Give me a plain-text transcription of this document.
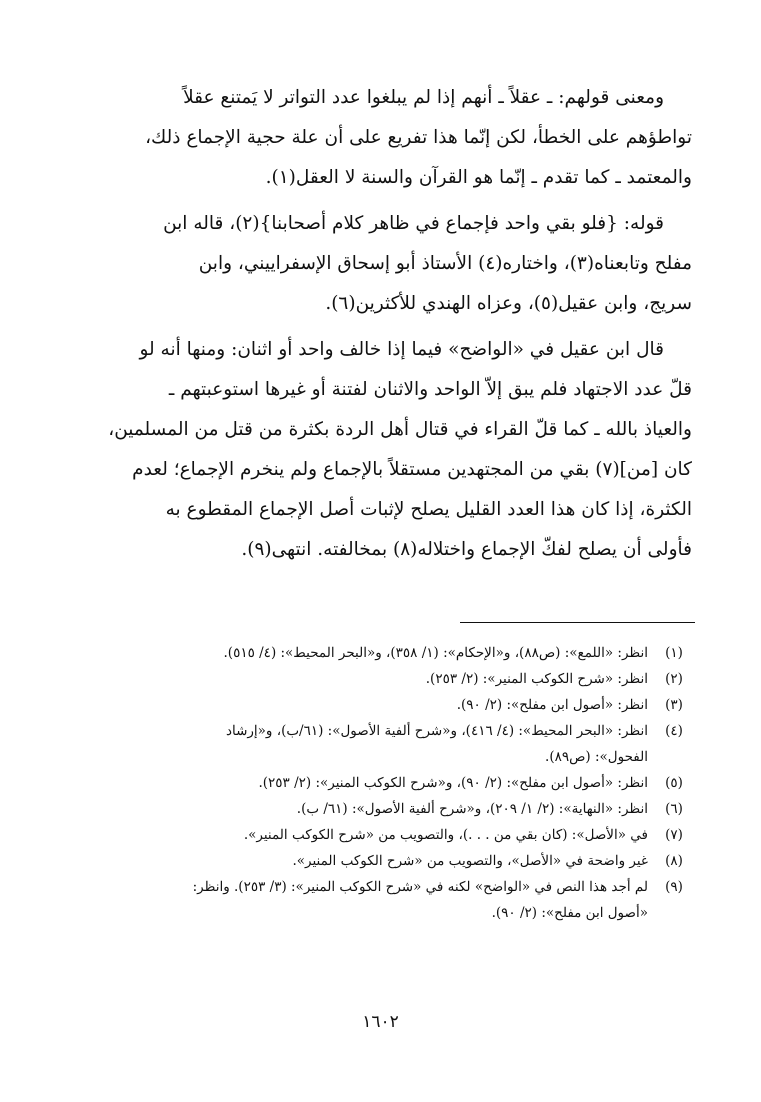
ومعنى قولهم: ـ عقلاً ـ أنهم إذا لم يبلغوا عدد التواتر لا يَمتنع عقلاً
تواطؤهم على الخطأ، لكن إنّما هذا تفريع على أن علة حجية الإجماع ذلك،
والمعتمد ـ كما تقدم ـ إنّما هو القرآن والسنة لا العقل(١).
قوله: {فلو بقي واحد فإجماع في ظاهر كلام أصحابنا}(٢)، قاله ابن
مفلح وتابعناه(٣)، واختاره(٤) الأستاذ أبو إسحاق الإسفراييني، وابن
سريج، وابن عقيل(٥)، وعزاه الهندي للأكثرين(٦).
قال ابن عقيل في «الواضح» فيما إذا خالف واحد أو اثنان: ومنها أنه لو
قلّ عدد الاجتهاد فلم يبق إلاّ الواحد والاثنان لفتنة أو غيرها استوعبتهم ـ
والعياذ بالله ـ كما قلّ القراء في قتال أهل الردة بكثرة من قتل من المسلمين،
كان [من](٧) بقي من المجتهدين مستقلاً بالإجماع ولم ينخرم الإجماع؛ لعدم
الكثرة، إذا كان هذا العدد القليل يصلح لإثبات أصل الإجماع المقطوع به
فأولى أن يصلح لفكّ الإجماع واختلاله(٨) بمخالفته. انتهى(٩).
(١)
انظر: «اللمع»: (ص٨٨)، و«الإحكام»: (١/ ٣٥٨)، و«البحر المحيط»: (٤/ ٥١٥).
(٢)
انظر: «شرح الكوكب المنير»: (٢/ ٢٥٣).
(٣)
انظر: «أصول ابن مفلح»: (٢/ ٩٠).
(٤)
انظر: «البحر المحيط»: (٤/ ٤١٦)، و«شرح ألفية الأصول»: (٦١/ب)، و«إرشاد
الفحول»: (ص٨٩).
(٥)
انظر: «أصول ابن مفلح»: (٢/ ٩٠)، و«شرح الكوكب المنير»: (٢/ ٢٥٣).
(٦)
انظر: «النهاية»: (٢/ ١/ ٢٠٩)، و«شرح ألفية الأصول»: (٦١/ ب).
(٧)
في «الأصل»: (كان بقي من . . .)، والتصويب من «شرح الكوكب المنير».
(٨)
غير واضحة في «الأصل»، والتصويب من «شرح الكوكب المنير».
(٩)
لم أجد هذا النص في «الواضح» لكنه في «شرح الكوكب المنير»: (٣/ ٢٥٣). وانظر:
«أصول ابن مفلح»: (٢/ ٩٠).
١٦٠٢
